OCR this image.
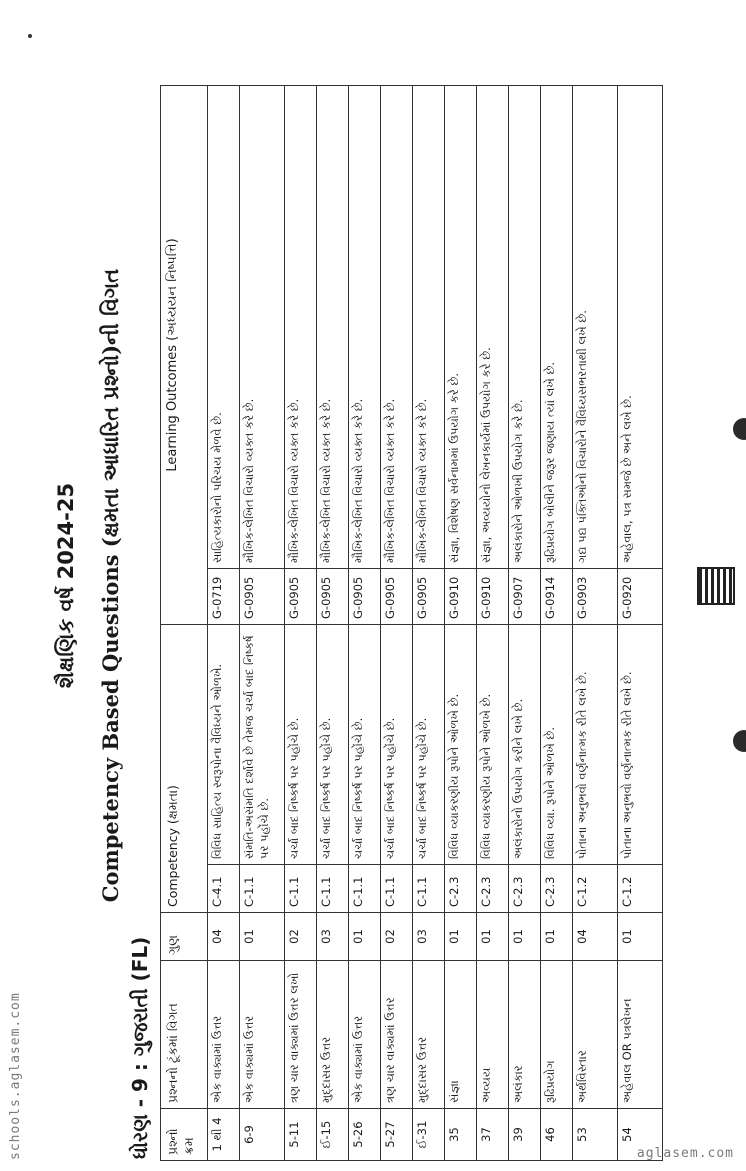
શૈક્ષણિક વર્ષ 2024-25 Competency Based Questions (ક્ષમતા આધારિત પ્રશ્નો)ની વિગત
ધોરણ - 9 : ગુજરાતી (FL) પ્રશ્નો ક્રમ	પ્રશ્નનો ટૂંકમાં વિગત	ગુણ	Competency (ક્ષમતા)		Learning Outcomes (અધ્યયન નિષ્પત્તિ)	
1 થી 4	એક વાક્યમાં ઉત્તર	04	C-4.1	વિવિધ સાહિત્ય સ્વરૂપોના વૈવિધ્યને ઓળખે.	G-0719	સાહિત્યકારોનો પરિચય મેળવે છે.
6-9	એક વાક્યમાં ઉત્તર	01	C-1.1	સંમતિ-અસંમતિ દર્શાવે છે તેમજ ચર્ચા બાદ નિષ્કર્ષ પર પહોંચે છે.	G-0905	મૌખિક-લેખિત વિચારો વ્યક્ત કરે છે.
5-11	ત્રણ ચાર વાક્યમાં ઉત્તર લખો	02	C-1.1	ચર્ચા બાદ નિષ્કર્ષ પર પહોંચે છે.	G-0905	મૌખિક-લેખિત વિચારો વ્યક્ત કરે છે.
ઈ-15	મુદ્દાસર ઉત્તર	03	C-1.1	ચર્ચા બાદ નિષ્કર્ષ પર પહોંચે છે.	G-0905	મૌખિક-લેખિત વિચારો વ્યક્ત કરે છે.
5-26	એક વાક્યમાં ઉત્તર	01	C-1.1	ચર્ચા બાદ નિષ્કર્ષ પર પહોંચે છે.	G-0905	મૌખિક-લેખિત વિચારો વ્યક્ત કરે છે.
5-27	ત્રણ ચાર વાક્યમાં ઉત્તર	02	C-1.1	ચર્ચા બાદ નિષ્કર્ષ પર પહોંચે છે.	G-0905	મૌખિક-લેખિત વિચારો વ્યક્ત કરે છે.
ઈ-31	મુદ્દાસર ઉત્તર	03	C-1.1	ચર્ચા બાદ નિષ્કર્ષ પર પહોંચે છે.	G-0905	મૌખિક-લેખિત વિચારો વ્યક્ત કરે છે.
35	સંજ્ઞા	01	C-2.3	વિવિધ વ્યાકરણીય રૂપોને ઓળખે છે.	G-0910	સંજ્ઞા, વિશેષણ સર્વનામમાં ઉપયોગ કરે છે.
37	અવ્યય	01	C-2.3	વિવિધ વ્યાકરણીય રૂપોને ઓળખે છે.	G-0910	સંજ્ઞા, અવ્યયોનો લેખનકાર્યમાં ઉપયોગ કરે છે.
39	અલંકાર	01	C-2.3	અલંકારોનો ઉપયોગ કરીને લખે છે.	G-0907	અલંકારોને ઓળખી ઉપયોગ કરે છે.
46	રૂઢિપ્રયોગ	01	C-2.3	વિવિધ વ્યા. રૂપોને ઓળખે છે.	G-0914	રૂઢિપ્રયોગ બોલીને જરૂર જણાય ત્યાં લખે છે.
53	અર્થવિસ્તાર	04	C-1.2	પોતાના અનુભવો વર્ણનાત્મક રીતે લખે છે.	G-0903	ગદ્ય પદ્ય પંક્તિઓનો વિચારોને વૈવિધ્યસભરતાથી લખે છે.
54	અહેવાલ OR પત્રલેખન	01	C-1.2	પોતાના અનુભવો વર્ણનાત્મક રીતે લખે છે.	G-0920	અહેવાલ, પત્ર સમજે છે અને લખે છે.
schools.aglasem.com	aglasem.com
